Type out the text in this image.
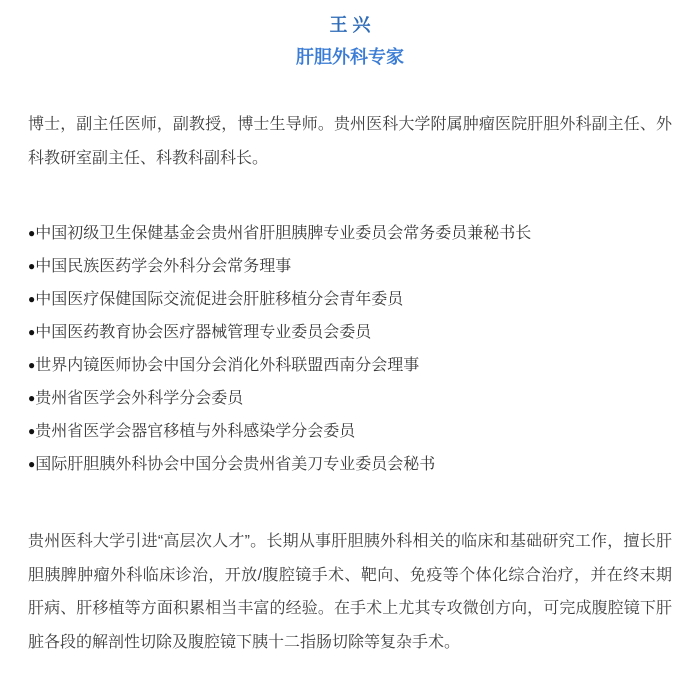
王 兴
肝胆外科专家

博士，副主任医师，副教授，博士生导师。贵州医科大学附属肿瘤医院肝胆外科副主任、外科教研室副主任、科教科副科长。

●中国初级卫生保健基金会贵州省肝胆胰脾专业委员会常务委员兼秘书长
●中国民族医药学会外科分会常务理事
●中国医疗保健国际交流促进会肝脏移植分会青年委员
●中国医药教育协会医疗器械管理专业委员会委员
●世界内镜医师协会中国分会消化外科联盟西南分会理事
●贵州省医学会外科学分会委员
●贵州省医学会器官移植与外科感染学分会委员
●国际肝胆胰外科协会中国分会贵州省美刀专业委员会秘书

贵州医科大学引进“高层次人才”。长期从事肝胆胰外科相关的临床和基础研究工作，擅长肝胆胰脾肿瘤外科临床诊治，开放/腹腔镜手术、靶向、免疫等个体化综合治疗，并在终末期肝病、肝移植等方面积累相当丰富的经验。在手术上尤其专攻微创方向，可完成腹腔镜下肝脏各段的解剖性切除及腹腔镜下胰十二指肠切除等复杂手术。
